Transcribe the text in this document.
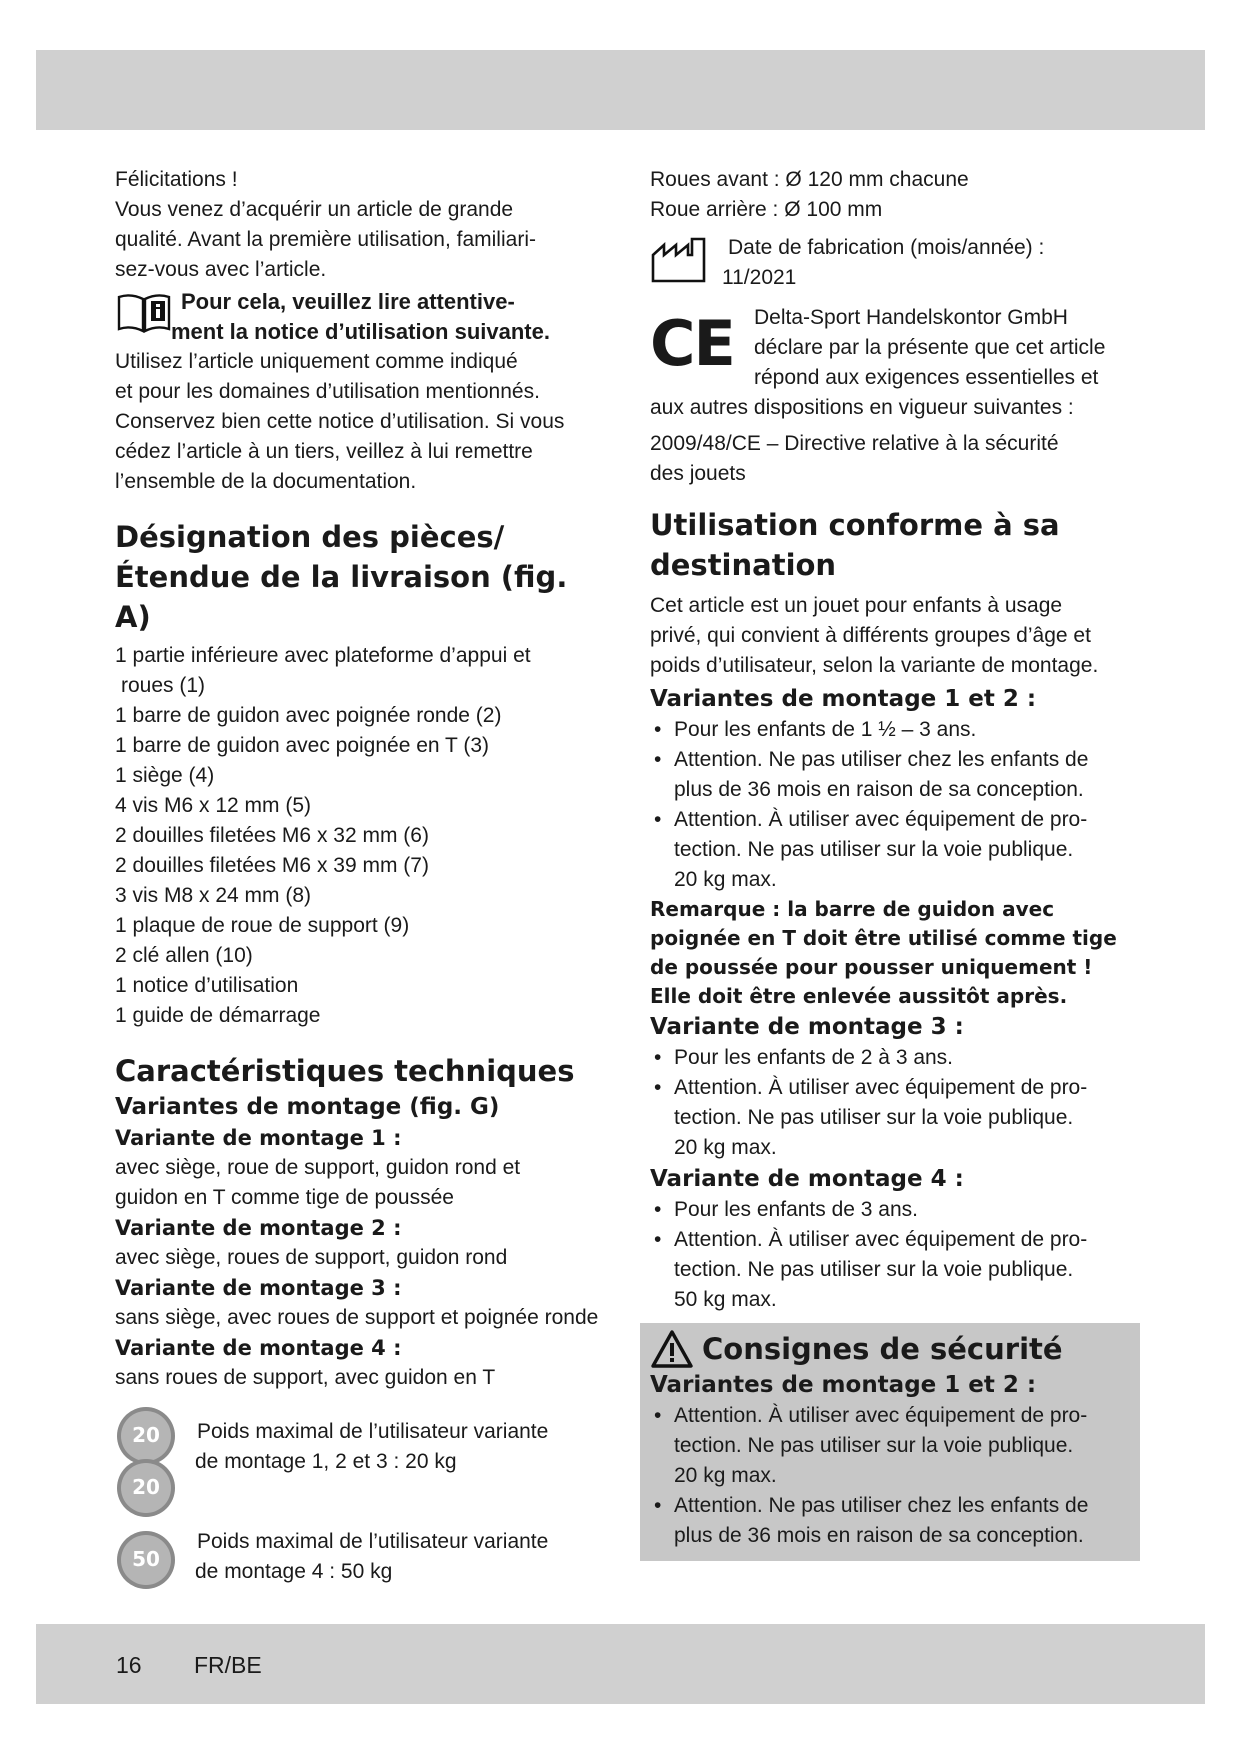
Félicitations !

Vous venez d’acquérir un article de grande

qualité. Avant la première utilisation, familiari-

sez-vous avec l’article.

Pour cela, veuillez lire attentive-

ment la notice d’utilisation suivante.

Utilisez l’article uniquement comme indiqué

et pour les domaines d’utilisation mentionnés.

Conservez bien cette notice d’utilisation. Si vous

cédez l’article à un tiers, veillez à lui remettre

l’ensemble de la documentation.

Désignation des pièces/
Étendue de la livraison (fig. A)
1 partie inférieure avec plateforme d’appui et
roues (1)
1 barre de guidon avec poignée ronde (2)
1 barre de guidon avec poignée en T (3)
1 siège (4)
4 vis M6 x 12 mm (5)
2 douilles filetées M6 x 32 mm (6)
2 douilles filetées M6 x 39 mm (7)
3 vis M8 x 24 mm (8)
1 plaque de roue de support (9)
2 clé allen (10)
1 notice d’utilisation
1 guide de démarrage
Caractéristiques techniques
Variantes de montage (fig. G)
Variante de montage 1 :

avec siège, roue de support, guidon rond et

guidon en T comme tige de poussée

Variante de montage 2 :

avec siège, roues de support, guidon rond

Variante de montage 3 :

sans siège, avec roues de support et poignée ronde

Variante de montage 4 :

sans roues de support, avec guidon en T

20
20

Poids maximal de l’utilisateur variante

de montage 1, 2 et 3 : 20 kg

50

Poids maximal de l’utilisateur variante

de montage 4 : 50 kg

Roues avant : Ø 120 mm chacune

Roue arrière : Ø 100 mm

Date de fabrication (mois/année) :

11/2021

CE Delta-Sport Handelskontor GmbH

déclare par la présente que cet article

répond aux exigences essentielles et

aux autres dispositions en vigueur suivantes :

2009/48/CE – Directive relative à la sécurité

des jouets

Utilisation conforme à sa
destination

Cet article est un jouet pour enfants à usage

privé, qui convient à différents groupes d’âge et

poids d’utilisateur, selon la variante de montage.

Variantes de montage 1 et 2 :
• Pour les enfants de 1 ½ – 3 ans.
• Attention. Ne pas utiliser chez les enfants de
plus de 36 mois en raison de sa conception.
• Attention. À utiliser avec équipement de pro-
tection. Ne pas utiliser sur la voie publique.
20 kg max.
Remarque : la barre de guidon avec
poignée en T doit être utilisé comme tige
de poussée pour pousser uniquement !
Elle doit être enlevée aussitôt après.
Variante de montage 3 :
• Pour les enfants de 2 à 3 ans.
• Attention. À utiliser avec équipement de pro-
tection. Ne pas utiliser sur la voie publique.
20 kg max.
Variante de montage 4 :
• Pour les enfants de 3 ans.
• Attention. À utiliser avec équipement de pro-
tection. Ne pas utiliser sur la voie publique.
50 kg max.
Consignes de sécurité
Variantes de montage 1 et 2 :
• Attention. À utiliser avec équipement de pro-
tection. Ne pas utiliser sur la voie publique.
20 kg max.
• Attention. Ne pas utiliser chez les enfants de
plus de 36 mois en raison de sa conception.
16 FR/BE
